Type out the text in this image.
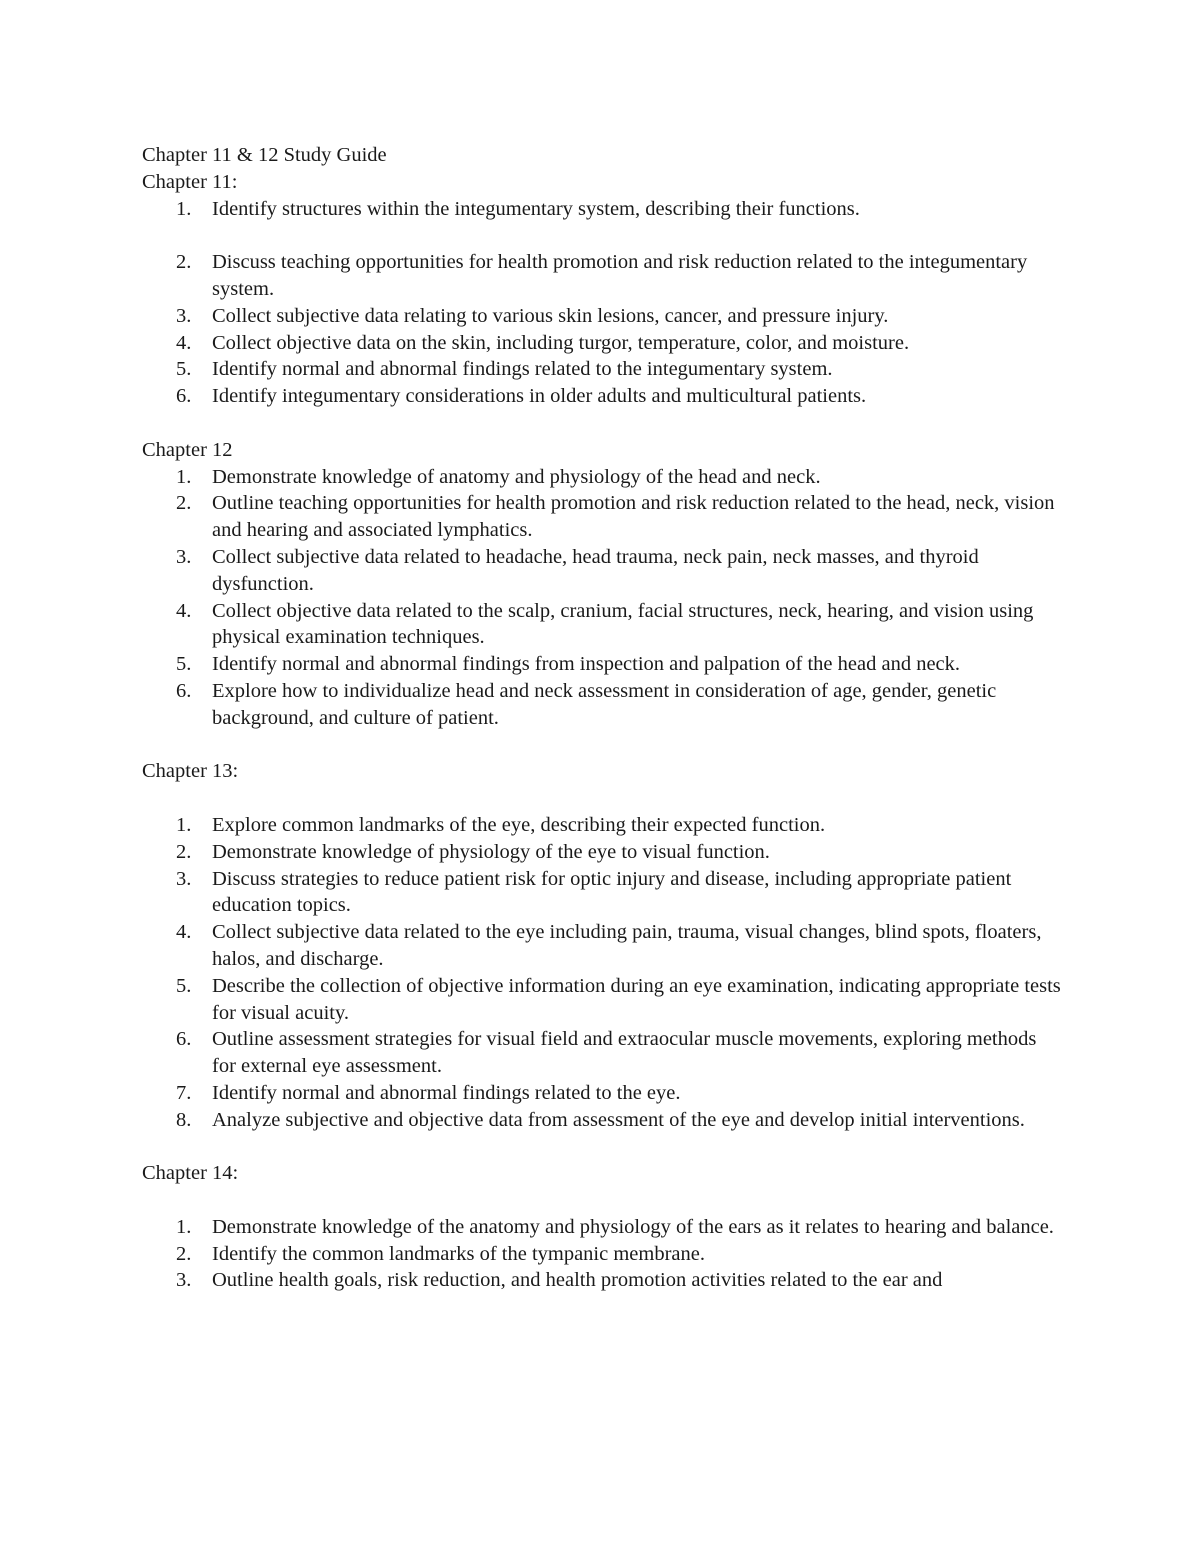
Chapter 11 & 12 Study Guide

Chapter 11:

1. Identify structures within the integumentary system, describing their functions.
2. Discuss teaching opportunities for health promotion and risk reduction related to the integumentary system.
3. Collect subjective data relating to various skin lesions, cancer, and pressure injury.
4. Collect objective data on the skin, including turgor, temperature, color, and moisture.
5. Identify normal and abnormal findings related to the integumentary system.
6. Identify integumentary considerations in older adults and multicultural patients.

Chapter 12

1. Demonstrate knowledge of anatomy and physiology of the head and neck.
2. Outline teaching opportunities for health promotion and risk reduction related to the head, neck, vision and hearing and associated lymphatics.
3. Collect subjective data related to headache, head trauma, neck pain, neck masses, and thyroid dysfunction.
4. Collect objective data related to the scalp, cranium, facial structures, neck, hearing, and vision using physical examination techniques.
5. Identify normal and abnormal findings from inspection and palpation of the head and neck.
6. Explore how to individualize head and neck assessment in consideration of age, gender, genetic background, and culture of patient.

Chapter 13:

1. Explore common landmarks of the eye, describing their expected function.
2. Demonstrate knowledge of physiology of the eye to visual function.
3. Discuss strategies to reduce patient risk for optic injury and disease, including appropriate patient education topics.
4. Collect subjective data related to the eye including pain, trauma, visual changes, blind spots, floaters, halos, and discharge.
5. Describe the collection of objective information during an eye examination, indicating appropriate tests for visual acuity.
6. Outline assessment strategies for visual field and extraocular muscle movements, exploring methods for external eye assessment.
7. Identify normal and abnormal findings related to the eye.
8. Analyze subjective and objective data from assessment of the eye and develop initial interventions.

Chapter 14:

1. Demonstrate knowledge of the anatomy and physiology of the ears as it relates to hearing and balance.
2. Identify the common landmarks of the tympanic membrane.
3. Outline health goals, risk reduction, and health promotion activities related to the ear and
